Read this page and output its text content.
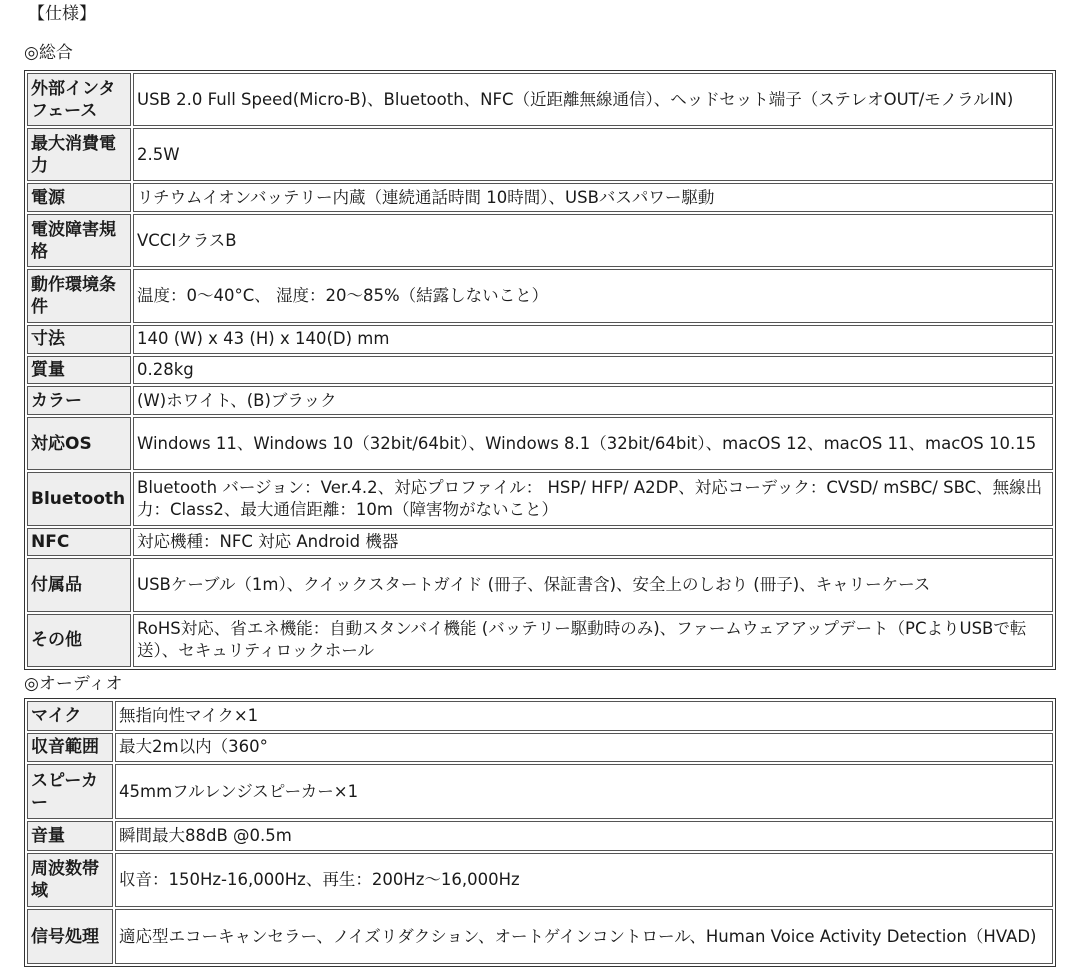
【仕様】
◎総合
外部インタフェース	USB 2.0 Full Speed(Micro-B)、Bluetooth、NFC（近距離無線通信）、ヘッドセット端子（ステレオOUT/モノラルIN)
最大消費電力	2.5W
電源	リチウムイオンバッテリー内蔵（連続通話時間 10時間）、USBバスパワー駆動
電波障害規格	VCCIクラスB
動作環境条件	温度：0〜40°C、 湿度：20〜85%（結露しないこと）
寸法	140 (W) x 43 (H) x 140(D) mm
質量	0.28kg
カラー	(W)ホワイト、(B)ブラック
対応OS	Windows 11、Windows 10（32bit/64bit）、Windows 8.1（32bit/64bit）、macOS 12、macOS 11、macOS 10.15
Bluetooth	Bluetooth バージョン：Ver.4.2、対応プロファイル： HSP/ HFP/ A2DP、対応コーデック：CVSD/ mSBC/ SBC、無線出力：Class2、最大通信距離：10m（障害物がないこと）
NFC	対応機種：NFC 対応 Android 機器
付属品	USBケーブル（1m）、クイックスタートガイド (冊子、保証書含)、安全上のしおり (冊子)、キャリーケース
その他	RoHS対応、省エネ機能：自動スタンバイ機能 (バッテリー駆動時のみ)、ファームウェアアップデート（PCよりUSBで転送）、セキュリティロックホール
◎オーディオ
マイク	無指向性マイク×1
収音範囲	最大2m以内（360°
スピーカー	45mmフルレンジスピーカー×1
音量	瞬間最大88dB @0.5m
周波数帯域	収音：150Hz-16,000Hz、再生：200Hz〜16,000Hz
信号処理	適応型エコーキャンセラー、ノイズリダクション、オートゲインコントロール、Human Voice Activity Detection（HVAD)
